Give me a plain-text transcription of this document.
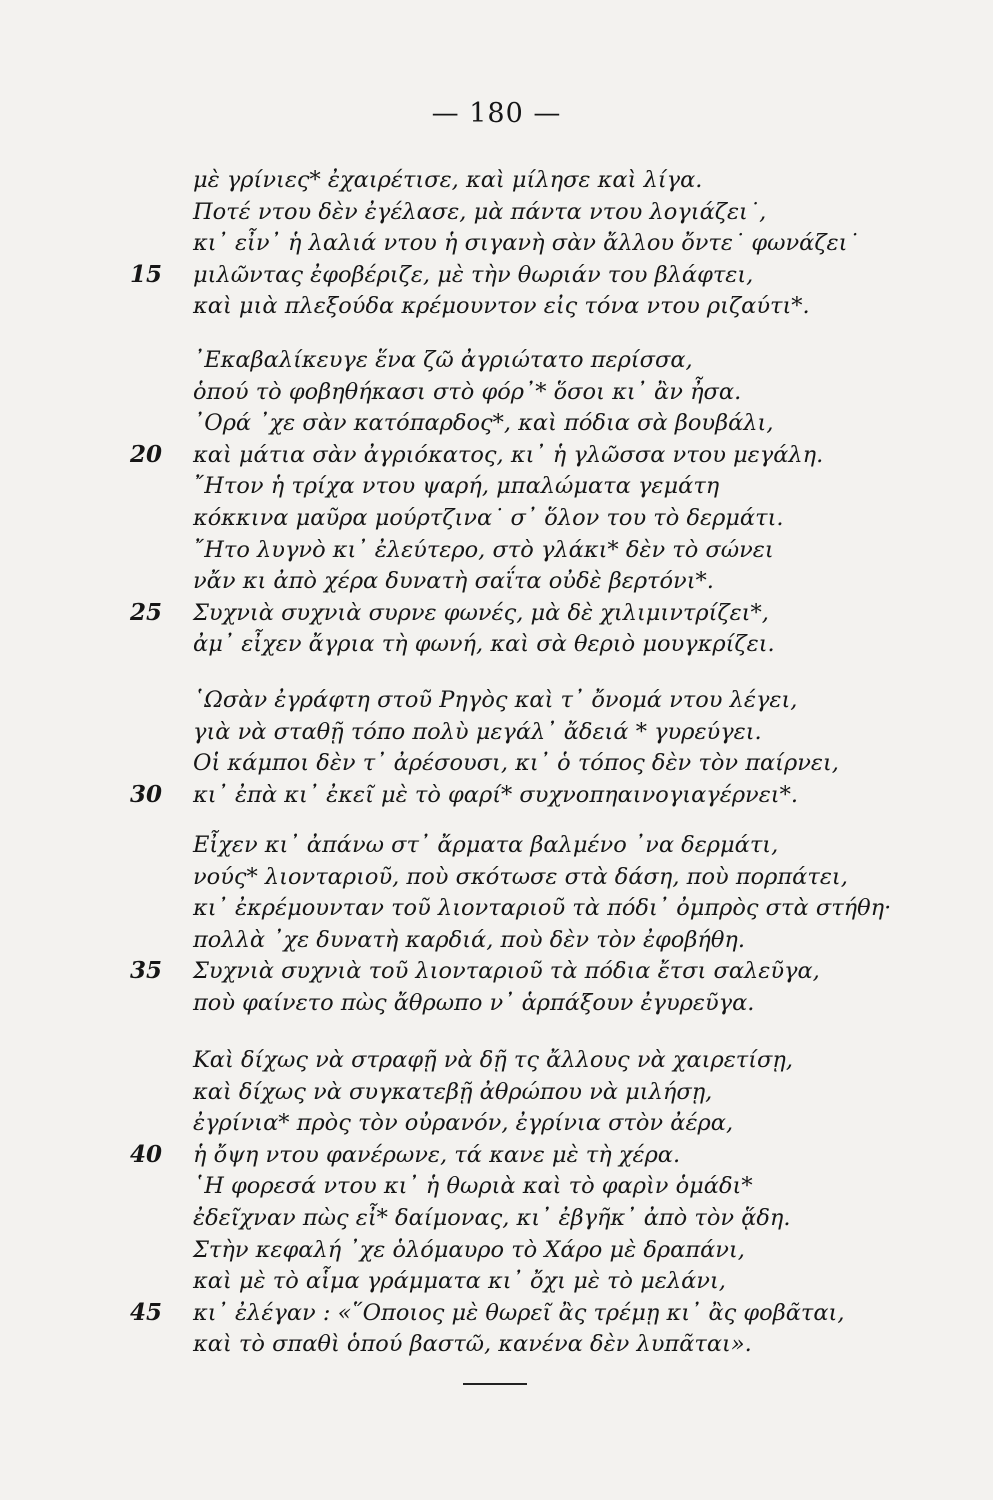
— 180 —
μὲ γρίνιες* ἐχαιρέτισε, καὶ μίλησε καὶ λίγα.
Ποτέ ντου δὲν ἐγέλασε, μὰ πάντα ντου λογιάζει˙,
κι᾿ εἶν᾿ ἡ λαλιά ντου ἡ σιγανὴ σὰν ἄλλου ὄντε˙ φωνάζει˙
μιλῶντας ἐφοβέριζε, μὲ τὴν θωριάν του βλάφτει,
15
καὶ μιὰ πλεξούδα κρέμουντον εἰς τόνα ντου ριζαύτι*.
᾿Εκαβαλίκευγε ἕνα ζῶ ἀγριώτατο περίσσα,
ὁπού τὸ φοβηθήκασι στὸ φόρ᾿* ὅσοι κι᾿ ἂν ἦσα.
᾿Ορά ᾿χε σὰν κατόπαρδος*, καὶ πόδια σὰ βουβάλι,
καὶ μάτια σὰν ἀγριόκατος, κι᾿ ἡ γλῶσσα ντου μεγάλη.
20
῎Ητον ἡ τρίχα ντου ψαρή, μπαλώματα γεμάτη
κόκκινα μαῦρα μούρτζινα˙ σ᾿ ὅλον του τὸ δερμάτι.
῎Ητο λυγνὸ κι᾿ ἐλεύτερο, στὸ γλάκι* δὲν τὸ σώνει
νἄν κι ἀπὸ χέρα δυνατὴ σαΐτα οὐδὲ βερτόνι*.
Συχνιὰ συχνιὰ συρνε φωνές, μὰ δὲ χιλιμιντρίζει*,
25
ἀμ᾿ εἶχεν ἄγρια τὴ φωνή, καὶ σὰ θεριὸ μουγκρίζει.
῾Ωσὰν ἐγράφτη στοῦ Ρηγὸς καὶ τ᾿ ὄνομά ντου λέγει,
γιὰ νὰ σταθῇ τόπο πολὺ μεγάλ᾿ ἄδειά * γυρεύγει.
Οἱ κάμποι δὲν τ᾿ ἀρέσουσι, κι᾿ ὁ τόπος δὲν τὸν παίρνει,
κι᾿ ἐπὰ κι᾿ ἐκεῖ μὲ τὸ φαρί* συχνοπηαινογιαγέρνει*.
30
Εἶχεν κι᾿ ἀπάνω στ᾿ ἄρματα βαλμένο ᾿να δερμάτι,
νούς* λιονταριοῦ, ποὺ σκότωσε στὰ δάση, ποὺ πορπάτει,
κι᾿ ἐκρέμουνταν τοῦ λιονταριοῦ τὰ πόδι᾿ ὀμπρὸς στὰ στήθη·
πολλὰ ᾿χε δυνατὴ καρδιά, ποὺ δὲν τὸν ἐφοβήθη.
Συχνιὰ συχνιὰ τοῦ λιονταριοῦ τὰ πόδια ἔτσι σαλεῦγα,
35
ποὺ φαίνετο πὼς ἄθρωπο ν᾿ ἁρπάξουν ἐγυρεῦγα.
Καὶ δίχως νὰ στραφῇ νὰ δῇ τς ἄλλους νὰ χαιρετίσῃ,
καὶ δίχως νὰ συγκατεβῇ ἀθρώπου νὰ μιλήσῃ,
ἐγρίνια* πρὸς τὸν οὐρανόν, ἐγρίνια στὸν ἀέρα,
ἡ ὄψη ντου φανέρωνε, τά κανε μὲ τὴ χέρα.
40
῾Η φορεσά ντου κι᾿ ἡ θωριὰ καὶ τὸ φαρὶν ὁμάδι*
ἐδεῖχναν πὼς εἶ* δαίμονας, κι᾿ ἐβγῆκ᾿ ἀπὸ τὸν ᾅδη.
Στὴν κεφαλή ᾿χε ὁλόμαυρο τὸ Χάρο μὲ δραπάνι,
καὶ μὲ τὸ αἷμα γράμματα κι᾿ ὄχι μὲ τὸ μελάνι,
κι᾿ ἐλέγαν : «῞Οποιος μὲ θωρεῖ ἂς τρέμῃ κι᾿ ἂς φοβᾶται,
45
καὶ τὸ σπαθὶ ὁπού βαστῶ, κανένα δὲν λυπᾶται».
